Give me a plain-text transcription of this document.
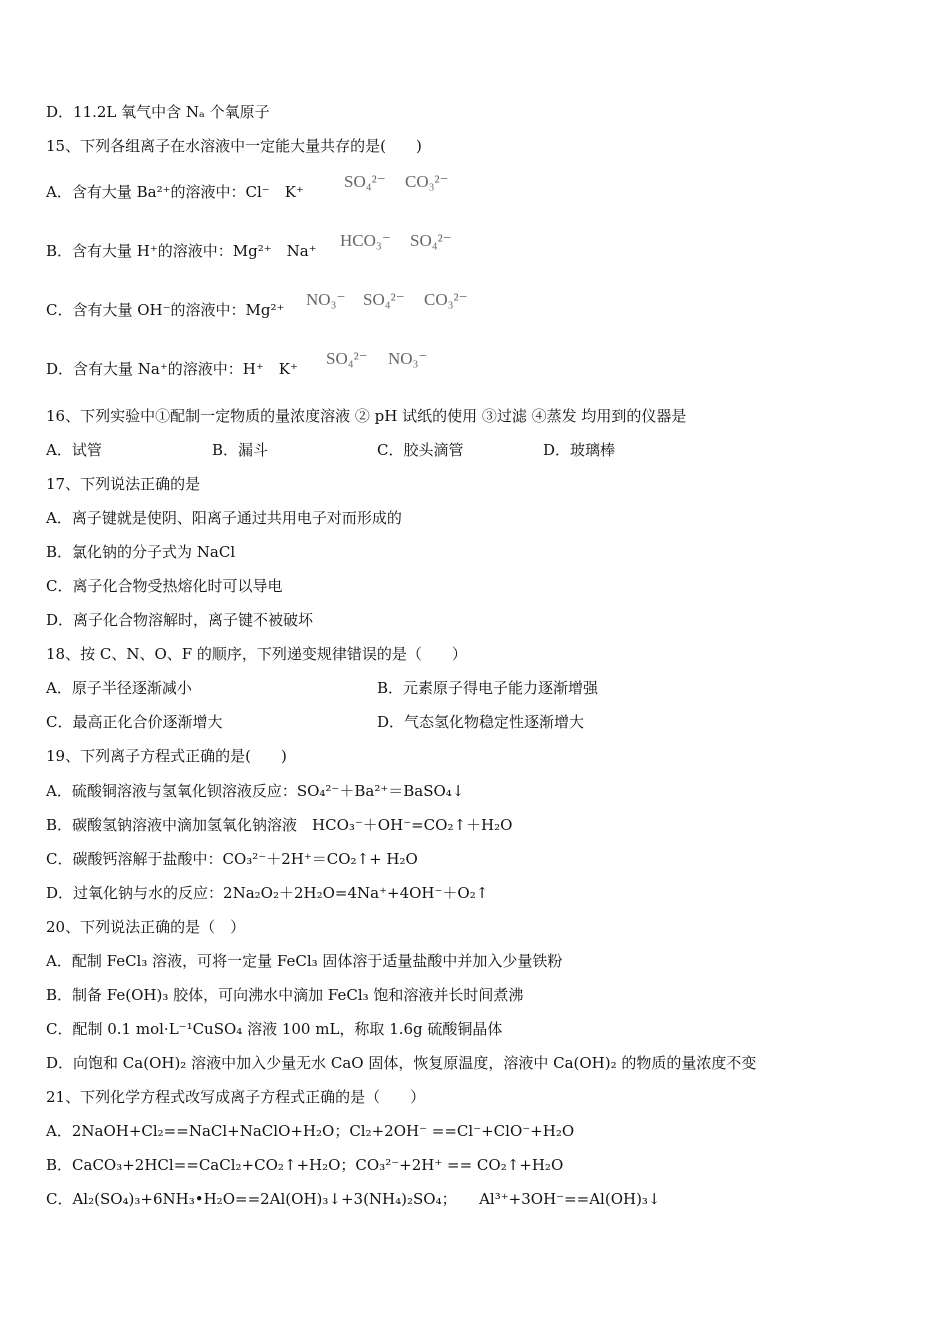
D．11.2L 氧气中含 Nₐ 个氧原子
15、下列各组离子在水溶液中一定能大量共存的是(　　)
A．含有大量 Ba²⁺的溶液中：Cl⁻　K⁺
SO₄²⁻ CO₃²⁻
B．含有大量 H⁺的溶液中：Mg²⁺　Na⁺
HCO₃⁻ SO₄²⁻
C．含有大量 OH⁻的溶液中：Mg²⁺
NO₃⁻ SO₄²⁻ CO₃²⁻
D．含有大量 Na⁺的溶液中：H⁺　K⁺
SO₄²⁻ NO₃⁻
16、下列实验中①配制一定物质的量浓度溶液 ② pH 试纸的使用 ③过滤 ④蒸发 均用到的仪器是
A．试管	B．漏斗	C．胶头滴管	D．玻璃棒
17、下列说法正确的是
A．离子键就是使阴、阳离子通过共用电子对而形成的
B．氯化钠的分子式为 NaCl
C．离子化合物受热熔化时可以导电
D．离子化合物溶解时，离子键不被破坏
18、按 C、N、O、F 的顺序，下列递变规律错误的是（　　）
A．原子半径逐渐减小	B．元素原子得电子能力逐渐增强
C．最高正化合价逐渐增大	D．气态氢化物稳定性逐渐增大
19、下列离子方程式正确的是(　　)
A．硫酸铜溶液与氢氧化钡溶液反应：SO₄²⁻＋Ba²⁺＝BaSO₄↓
B．碳酸氢钠溶液中滴加氢氧化钠溶液　HCO₃⁻＋OH⁻=CO₂↑＋H₂O
C．碳酸钙溶解于盐酸中：CO₃²⁻＋2H⁺＝CO₂↑+ H₂O
D．过氧化钠与水的反应：2Na₂O₂＋2H₂O=4Na⁺+4OH⁻＋O₂↑
20、下列说法正确的是（　）
A．配制 FeCl₃ 溶液，可将一定量 FeCl₃ 固体溶于适量盐酸中并加入少量铁粉
B．制备 Fe(OH)₃ 胶体，可向沸水中滴加 FeCl₃ 饱和溶液并长时间煮沸
C．配制 0.1 mol·L⁻¹CuSO₄ 溶液 100 mL，称取 1.6g 硫酸铜晶体
D．向饱和 Ca(OH)₂ 溶液中加入少量无水 CaO 固体，恢复原温度，溶液中 Ca(OH)₂ 的物质的量浓度不变
21、下列化学方程式改写成离子方程式正确的是（　　）
A．2NaOH+Cl₂==NaCl+NaClO+H₂O；Cl₂+2OH⁻ ==Cl⁻+ClO⁻+H₂O
B．CaCO₃+2HCl==CaCl₂+CO₂↑+H₂O；CO₃²⁻+2H⁺ == CO₂↑+H₂O
C．Al₂(SO₄)₃+6NH₃•H₂O==2Al(OH)₃↓+3(NH₄)₂SO₄；　　Al³⁺+3OH⁻==Al(OH)₃↓
